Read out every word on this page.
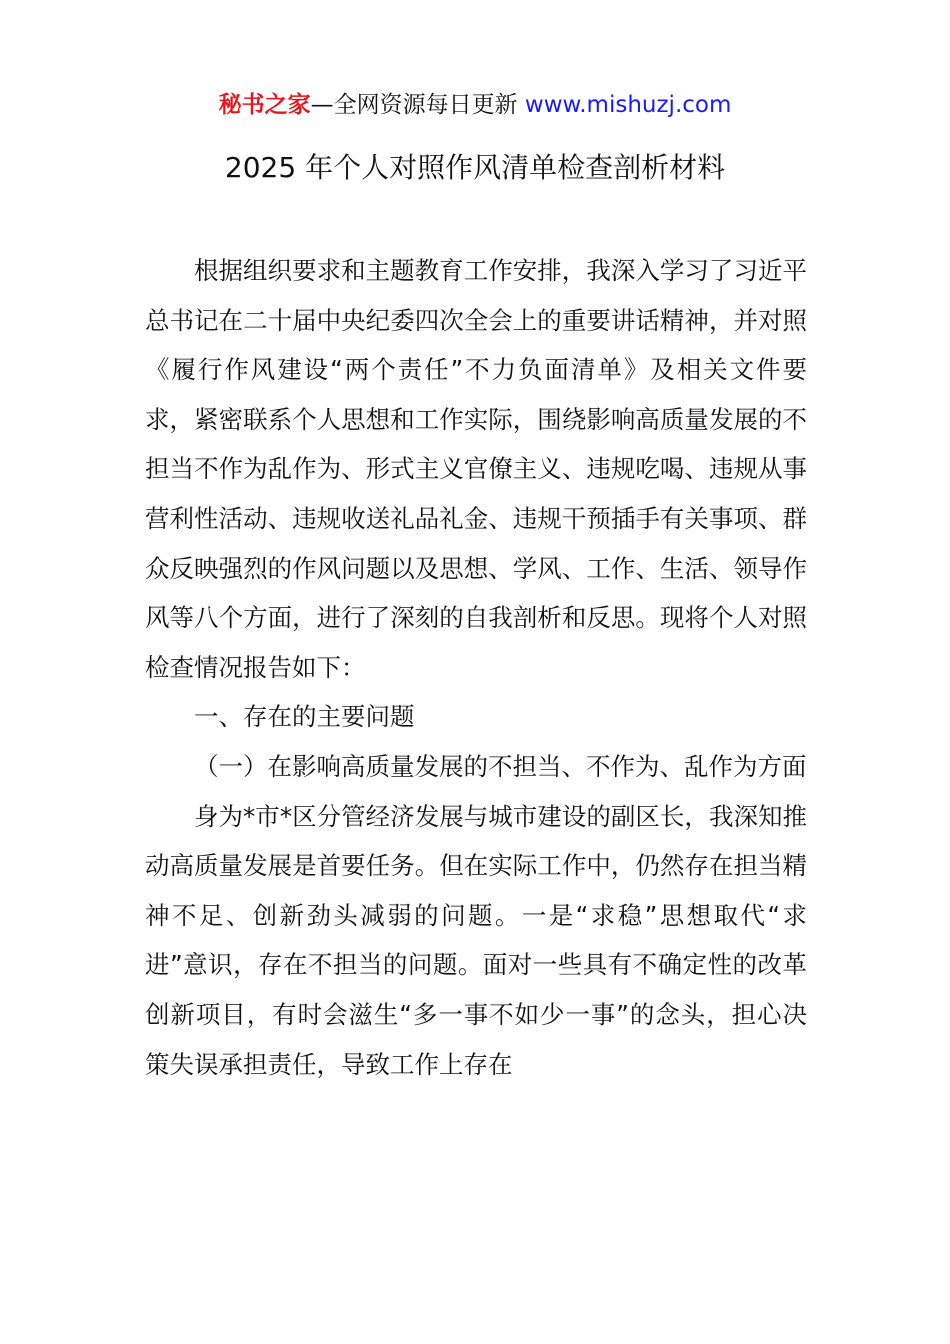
秘书之家—全网资源每日更新 www.mishuzj.com
2025 年个人对照作风清单检查剖析材料

根据组织要求和主题教育工作安排，我深入学习了习近平总书记在二十届中央纪委四次全会上的重要讲话精神，并对照《履行作风建设“两个责任”不力负面清单》及相关文件要求，紧密联系个人思想和工作实际，围绕影响高质量发展的不担当不作为乱作为、形式主义官僚主义、违规吃喝、违规从事营利性活动、违规收送礼品礼金、违规干预插手有关事项、群众反映强烈的作风问题以及思想、学风、工作、生活、领导作风等八个方面，进行了深刻的自我剖析和反思。现将个人对照检查情况报告如下：

一、存在的主要问题

（一）在影响高质量发展的不担当、不作为、乱作为方面

身为*市*区分管经济发展与城市建设的副区长，我深知推动高质量发展是首要任务。但在实际工作中，仍然存在担当精神不足、创新劲头减弱的问题。一是“求稳”思想取代“求进”意识，存在不担当的问题。面对一些具有不确定性的改革创新项目，有时会滋生“多一事不如少一事”的念头，担心决策失误承担责任，导致工作上存在
